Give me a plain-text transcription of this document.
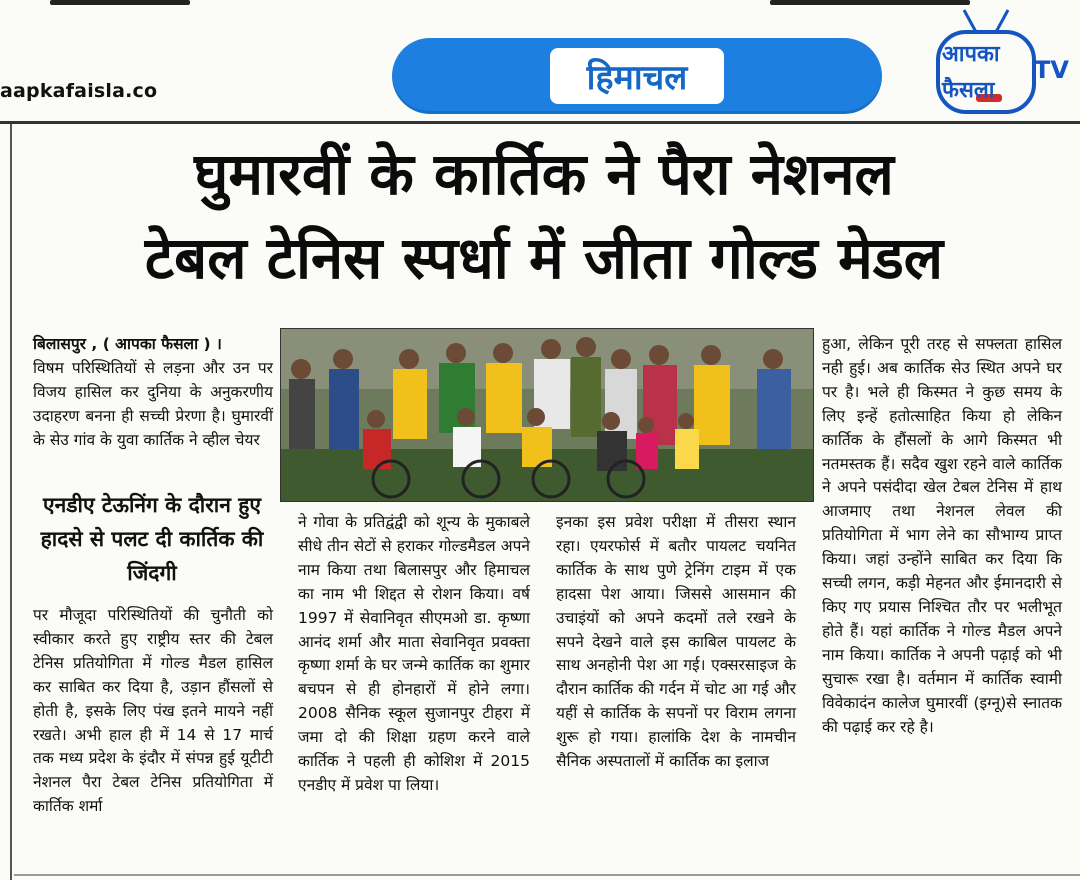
aapkafaisla.co	हिमाचल
आपका
फैसला
TV
घुमारवीं के कार्तिक ने पैरा नेशनल
टेबल टेनिस स्पर्धा में जीता गोल्ड मेडल

बिलासपुर , ( आपका फैसला ) ।

विषम परिस्थितियों से लड़ना और उन पर विजय हासिल कर दुनिया के अनुकरणीय उदाहरण बनना ही सच्ची प्रेरणा है। घुमारवीं के सेउ गांव के युवा कार्तिक ने व्हील चेयर

एनडीए टेऊनिंग के दौरान हुए हादसे से पलट दी कार्तिक की जिंदगी

पर मौजूदा परिस्थितियों की चुनौती को स्वीकार करते हुए राष्ट्रीय स्तर की टेबल टेनिस प्रतियोगिता में गोल्ड मैडल हासिल कर साबित कर दिया है, उड़ान हौंसलों से होती है, इसके लिए पंख इतने मायने नहीं रखते। अभी हाल ही में 14 से 17 मार्च तक मध्य प्रदेश के इंदौर में संपन्न हुई यूटीटी नेशनल पैरा टेबल टेनिस प्रतियोगिता में कार्तिक शर्मा

ने गोवा के प्रतिद्वंद्वी को शून्य के मुकाबले सीधे तीन सेटों से हराकर गोल्डमैडल अपने नाम किया तथा बिलासपुर और हिमाचल का नाम भी शिद्दत से रोशन किया। वर्ष 1997 में सेवानिवृत सीएमओ डा. कृष्णा आनंद शर्मा और माता सेवानिवृत प्रवक्ता कृष्णा शर्मा के घर जन्मे कार्तिक का शुमार बचपन से ही होनहारों में होने लगा। 2008 सैनिक स्कूल सुजानपुर टीहरा में जमा दो की शिक्षा ग्रहण करने वाले कार्तिक ने पहली ही कोशिश में 2015 एनडीए में प्रवेश पा लिया।

इनका इस प्रवेश परीक्षा में तीसरा स्थान रहा। एयरफोर्स में बतौर पायलट चयनित कार्तिक के साथ पुणे ट्रेनिंग टाइम में एक हादसा पेश आया। जिससे आसमान की उचाइंयों को अपने कदमों तले रखने के सपने देखने वाले इस काबिल पायलट के साथ अनहोनी पेश आ गई। एक्सरसाइज के दौरान कार्तिक की गर्दन में चोट आ गई और यहीं से कार्तिक के सपनों पर विराम लगना शुरू हो गया। हालांकि देश के नामचीन सैनिक अस्पतालों में कार्तिक का इलाज

हुआ, लेकिन पूरी तरह से सफ्लता हासिल नही हुई। अब कार्तिक सेउ स्थित अपने घर पर है। भले ही किस्मत ने कुछ समय के लिए इन्हें हतोत्साहित किया हो लेकिन कार्तिक के हौंसलों के आगे किस्मत भी नतमस्तक हैं। सदैव खुश रहने वाले कार्तिक ने अपने पसंदीदा खेल टेबल टेनिस में हाथ आजमाए तथा नेशनल लेवल की प्रतियोगिता में भाग लेने का सौभाग्य प्राप्त किया। जहां उन्होंने साबित कर दिया कि सच्ची लगन, कड़ी मेहनत और ईमानदारी से किए गए प्रयास निश्चित तौर पर भलीभूत होते हैं। यहां कार्तिक ने गोल्ड मैडल अपने नाम किया। कार्तिक ने अपनी पढ़ाई को भी सुचारू रखा है। वर्तमान में कार्तिक स्वामी विवेकादंन कालेज घुमारवीं (इग्नू)से स्नातक की पढ़ाई कर रहे है।
